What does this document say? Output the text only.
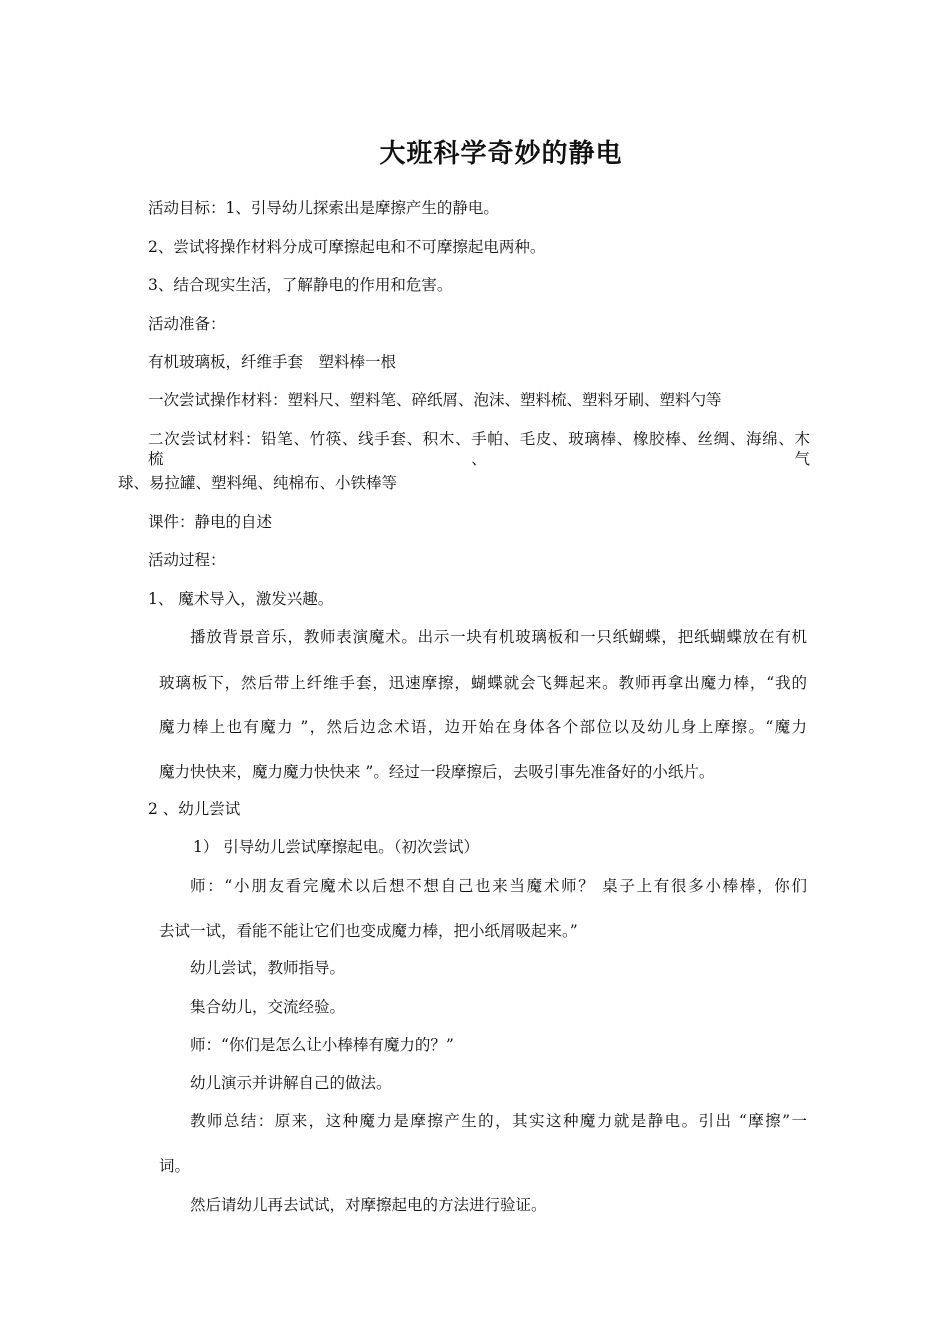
大班科学奇妙的静电
活动目标：1、引导幼儿探索出是摩擦产生的静电。
2、尝试将操作材料分成可摩擦起电和不可摩擦起电两种。
3、结合现实生活，了解静电的作用和危害。
活动准备：
有机玻璃板，纤维手套　塑料棒一根
一次尝试操作材料：塑料尺、塑料笔、碎纸屑、泡沫、塑料梳、塑料牙刷、塑料勺等
二次尝试材料：铅笔、竹筷、线手套、积木、手帕、毛皮、玻璃棒、橡胶棒、丝绸、海绵、木梳、气
球、易拉罐、塑料绳、纯棉布、小铁棒等
课件：静电的自述
活动过程：
1、 魔术导入，激发兴趣。
播放背景音乐，教师表演魔术。出示一块有机玻璃板和一只纸蝴蝶，把纸蝴蝶放在有机
玻璃板下，然后带上纤维手套，迅速摩擦，蝴蝶就会飞舞起来。教师再拿出魔力棒，“我的
魔力棒上也有魔力 ”，然后边念术语，边开始在身体各个部位以及幼儿身上摩擦。“魔力
魔力快快来，魔力魔力快快来 ”。经过一段摩擦后，去吸引事先准备好的小纸片。
2 、幼儿尝试
1） 引导幼儿尝试摩擦起电。（初次尝试）
师：“小朋友看完魔术以后想不想自己也来当魔术师？ 桌子上有很多小棒棒，你们
去试一试，看能不能让它们也变成魔力棒，把小纸屑吸起来。”
幼儿尝试，教师指导。
集合幼儿，交流经验。
师：“你们是怎么让小棒棒有魔力的？”
幼儿演示并讲解自己的做法。
教师总结：原来，这种魔力是摩擦产生的，其实这种魔力就是静电。引出 “摩擦”一
词。
然后请幼儿再去试试，对摩擦起电的方法进行验证。
